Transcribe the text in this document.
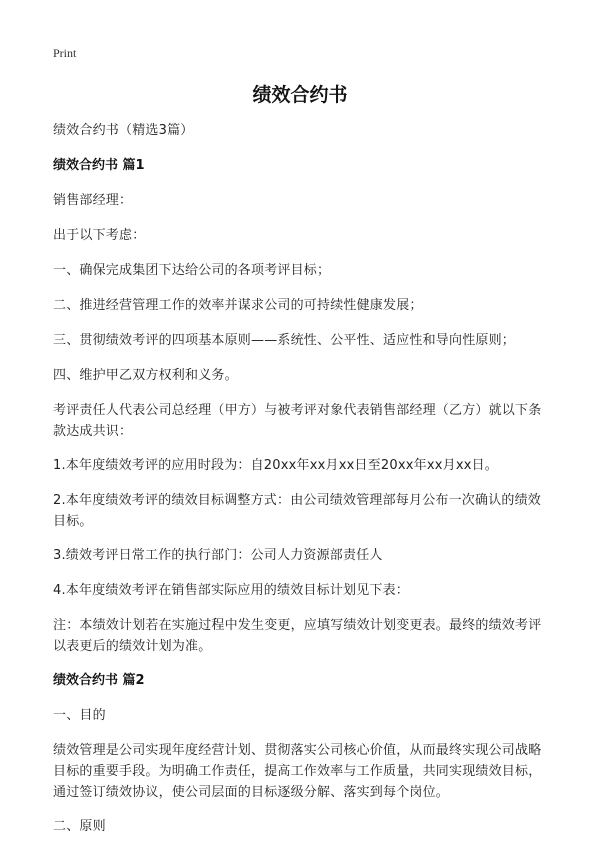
Print
绩效合约书

绩效合约书（精选3篇）

绩效合约书 篇1

销售部经理：

出于以下考虑：

一、确保完成集团下达给公司的各项考评目标；

二、推进经营管理工作的效率并谋求公司的可持续性健康发展；

三、贯彻绩效考评的四项基本原则——系统性、公平性、适应性和导向性原则；

四、维护甲乙双方权利和义务。

考评责任人代表公司总经理（甲方）与被考评对象代表销售部经理（乙方）就以下条款达成共识：

1.本年度绩效考评的应用时段为：自20xx年xx月xx日至20xx年xx月xx日。

2.本年度绩效考评的绩效目标调整方式：由公司绩效管理部每月公布一次确认的绩效目标。

3.绩效考评日常工作的执行部门：公司人力资源部责任人

4.本年度绩效考评在销售部实际应用的绩效目标计划见下表：

注：本绩效计划若在实施过程中发生变更，应填写绩效计划变更表。最终的绩效考评以表更后的绩效计划为准。

绩效合约书 篇2

一、目的

绩效管理是公司实现年度经营计划、贯彻落实公司核心价值，从而最终实现公司战略目标的重要手段。为明确工作责任，提高工作效率与工作质量，共同实现绩效目标，通过签订绩效协议，使公司层面的目标逐级分解、落实到每个岗位。

二、原则
